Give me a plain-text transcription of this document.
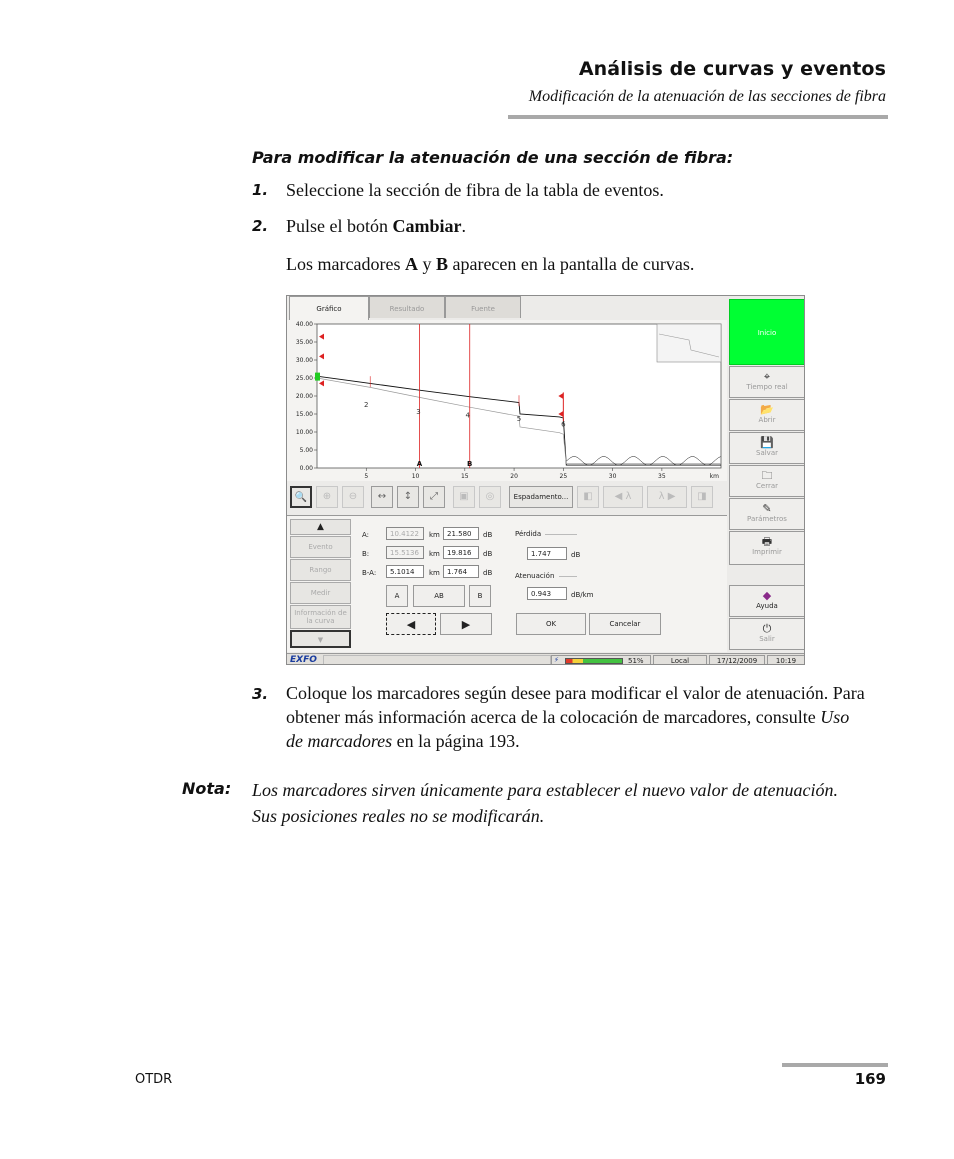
Análisis de curvas y eventos
Modificación de la atenuación de las secciones de fibra
Para modificar la atenuación de una sección de fibra:
1. Seleccione la sección de fibra de la tabla de eventos.
2. Pulse el botón Cambiar.
Los marcadores A y B aparecen en la pantalla de curvas.
Gráfico	Resultado	Fuente
0.00
5.00
10.00
15.00
20.00
25.00
30.00
35.00
40.00
5	10	15	20	25	30	35	km
A	B
2
3	4	5
6
🔍	⊕	⊖	↔	↕	⤢	▣	◎	Espadamento...	◧	◀ λ	λ ▶	◨
Inicio
⌖
Tiempo real
📂
Abrir
💾
Salvar
🗀
Cerrar
✎
Parámetros
🖶
Imprimir
◆
Ayuda
⏻
Salir
▲
Evento
Rango
Medir
Información de la curva
▼
A:	10.4122	km	21.580	dB
B:	15.5136	km	19.816	dB
B-A:	5.1014	km	1.764	dB
A	AB	B
◀	▶
Pérdida
1.747	dB
Atenuación
0.943	dB/km
OK	Cancelar
EXFO	⚡	51%	Local	17/12/2009	10:19
3. Coloque los marcadores según desee para modificar el valor de atenuación. Para obtener más información acerca de la colocación de marcadores, consulte Uso de marcadores en la página 193.
Nota: Los marcadores sirven únicamente para establecer el nuevo valor de atenuación. Sus posiciones reales no se modificarán.
OTDR	169
